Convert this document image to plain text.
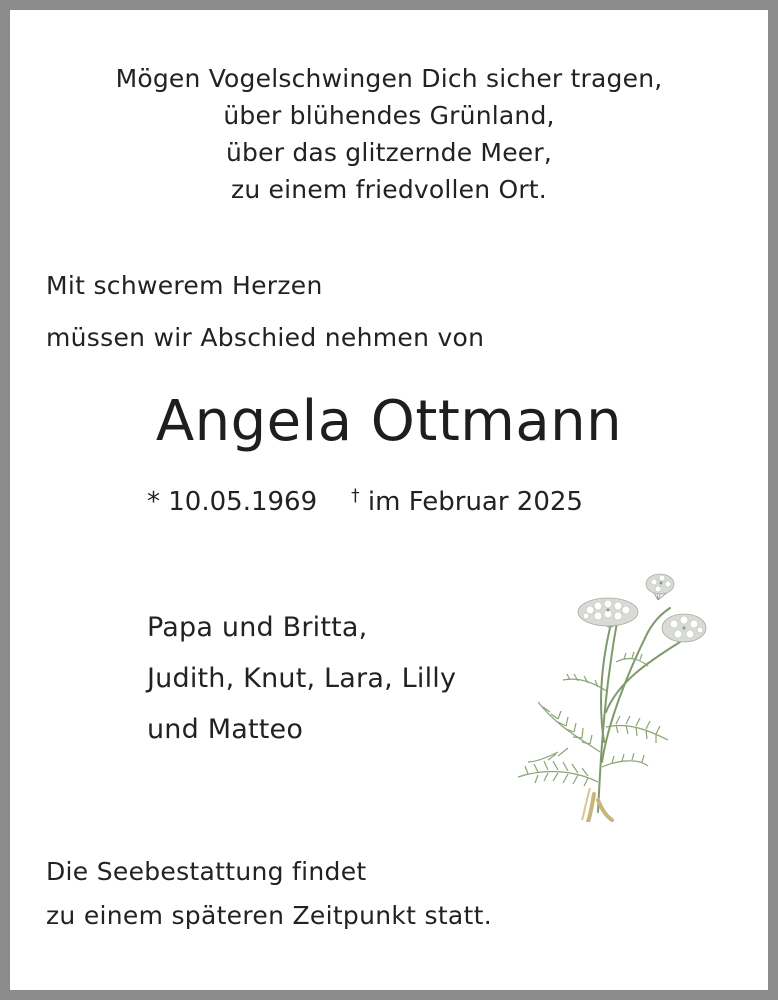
Mögen Vogelschwingen Dich sicher tragen,
über blühendes Grünland,
über das glitzernde Meer,
zu einem friedvollen Ort.
Mit schwerem Herzen
müssen wir Abschied nehmen von
Angela Ottmann
* 10.05.1969 † im Februar 2025
Papa und Britta,
Judith, Knut, Lara, Lilly
und Matteo
Die Seebestattung findet
zu einem späteren Zeitpunkt statt.
